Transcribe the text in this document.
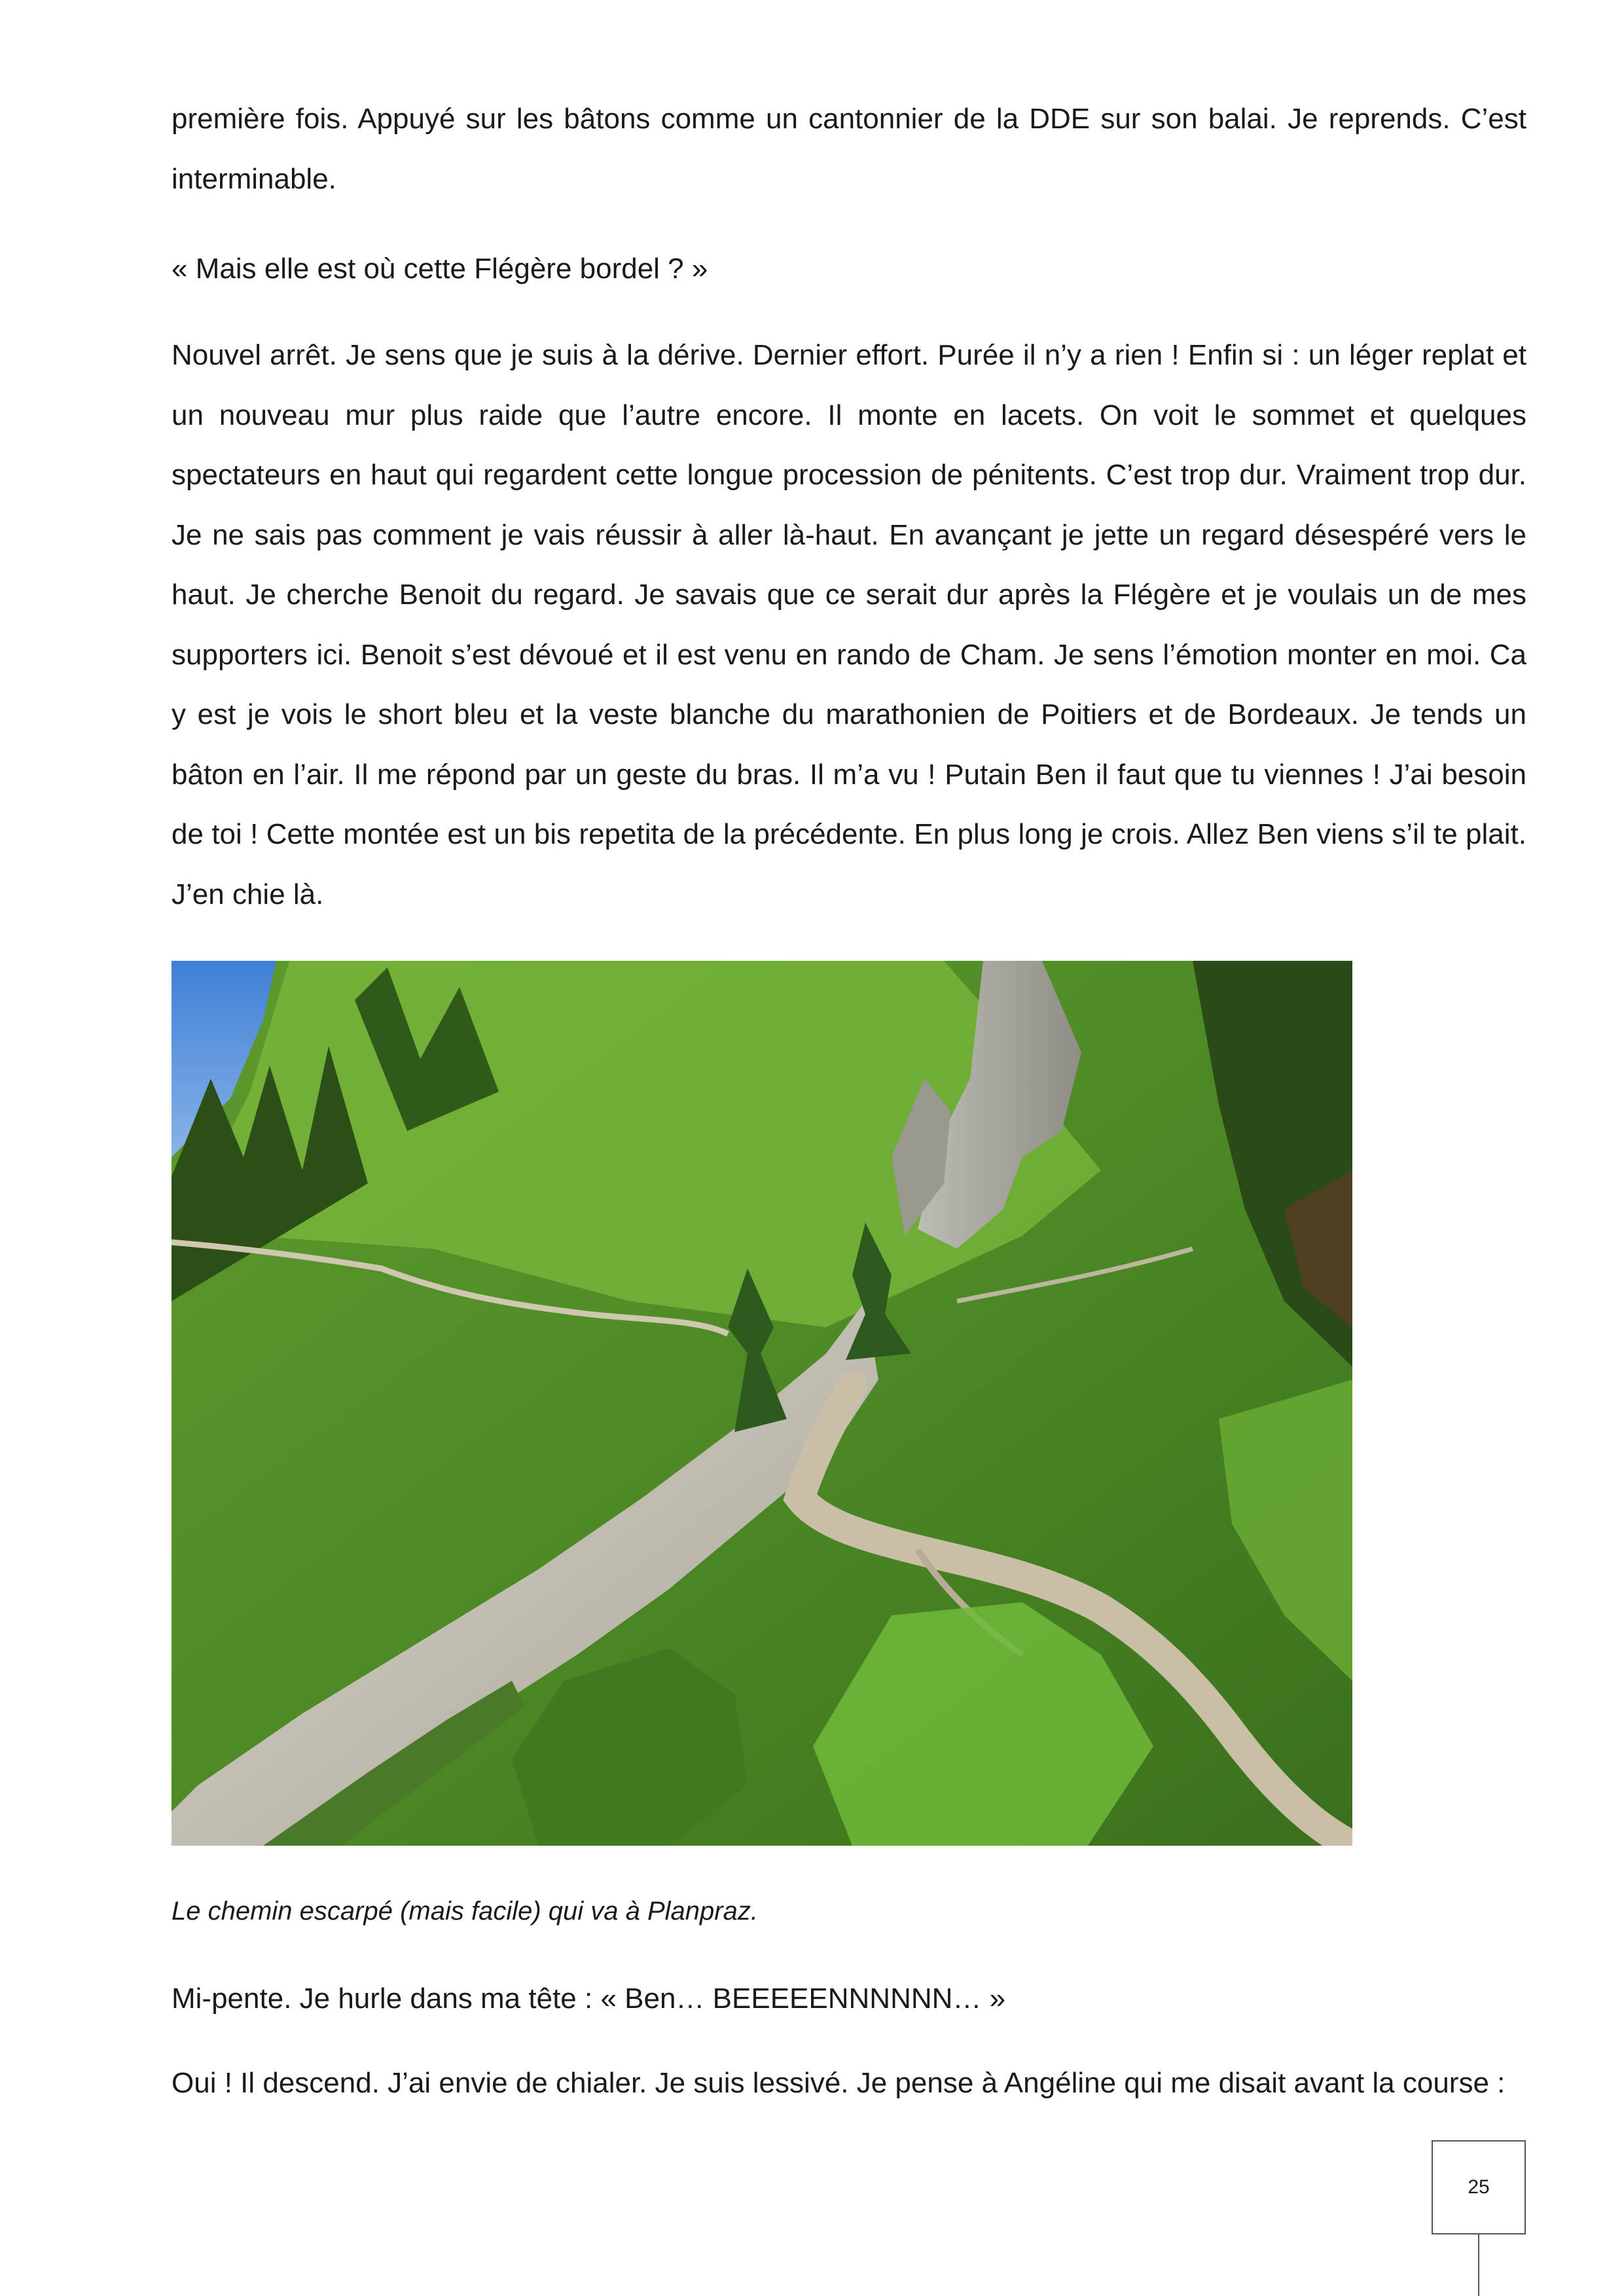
première fois. Appuyé sur les bâtons comme un cantonnier de la DDE sur son balai. Je reprends. C’est interminable.

« Mais elle est où cette Flégère bordel ? »

Nouvel arrêt. Je sens que je suis à la dérive. Dernier effort. Purée il n’y a rien ! Enfin si : un léger replat et un nouveau mur plus raide que l’autre encore. Il monte en lacets. On voit le sommet et quelques spectateurs en haut qui regardent cette longue procession de pénitents. C’est trop dur. Vraiment trop dur. Je ne sais pas comment je vais réussir à aller là-haut. En avançant je jette un regard désespéré vers le haut. Je cherche Benoit du regard. Je savais que ce serait dur après la Flégère et je voulais un de mes supporters ici. Benoit s’est dévoué et il est venu en rando de Cham. Je sens l’émotion monter en moi. Ca y est je vois le short bleu et la veste blanche du marathonien de Poitiers et de Bordeaux. Je tends un bâton en l’air. Il me répond par un geste du bras. Il m’a vu ! Putain Ben il faut que tu viennes ! J’ai besoin de toi ! Cette montée est un bis repetita de la précédente. En plus long je crois. Allez Ben viens s’il te plait. J’en chie là.

Le chemin escarpé (mais facile) qui va à Planpraz.

Mi-pente. Je hurle dans ma tête : « Ben… BEEEEENNNNNN… »

Oui ! Il descend. J’ai envie de chialer. Je suis lessivé. Je pense à Angéline qui me disait avant la course :

25
